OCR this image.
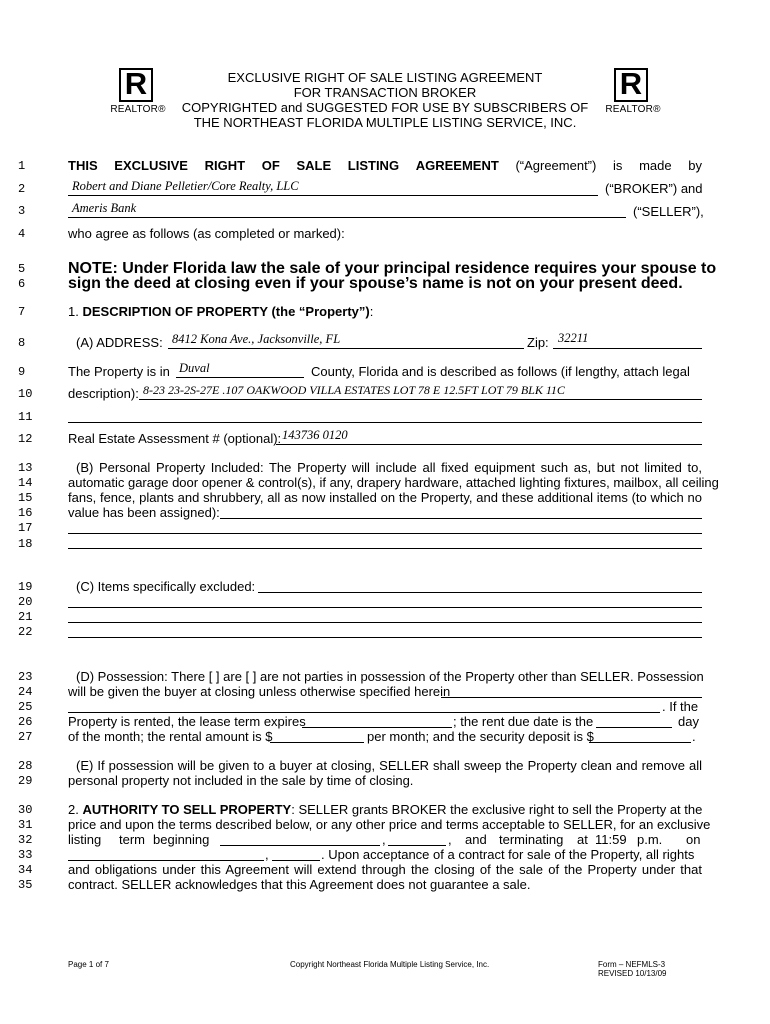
R
REALTOR®
R
REALTOR®
EXCLUSIVE RIGHT OF SALE LISTING AGREEMENT
FOR TRANSACTION BROKER
COPYRIGHTED and SUGGESTED FOR USE BY SUBSCRIBERS OF
THE NORTHEAST FLORIDA MULTIPLE LISTING SERVICE, INC.
1
2
3
4
5
6
7
8
9
10
11
12
13
14
15
16
17
18
19
20
21
22
23
24
25
26
27
28
29
30
31
32
33
34
35
THIS EXCLUSIVE RIGHT OF SALE LISTING AGREEMENT (“Agreement”) is made by
Robert and Diane Pelletier/Core Realty, LLC	(“BROKER”) and
Ameris Bank	(“SELLER”),
who agree as follows (as completed or marked):
NOTE: Under Florida law the sale of your principal residence requires your spouse to
sign the deed at closing even if your spouse’s name is not on your present deed.
1. DESCRIPTION OF PROPERTY (the “Property”):
(A) ADDRESS: 8412 Kona Ave., Jacksonville, FL	Zip: 32211
The Property is in Duval	County, Florida and is described as follows (if lengthy, attach legal
description): 8-23 23-2S-27E .107 OAKWOOD VILLA ESTATES LOT 78 E 12.5FT LOT 79 BLK 11C
Real Estate Assessment # (optional): 143736 0120
(B) Personal Property Included: The Property will include all fixed equipment such as, but not limited to,
automatic garage door opener & control(s), if any, drapery hardware, attached lighting fixtures, mailbox, all ceiling
fans, fence, plants and shrubbery, all as now installed on the Property, and these additional items (to which no
value has been assigned):
(C) Items specifically excluded:
(D) Possession: There [ ] are [ ] are not parties in possession of the Property other than SELLER. Possession
will be given the buyer at closing unless otherwise specified herein
. If the
Property is rented, the lease term expires	; the rent due date is the	day
of the month; the rental amount is $	per month; and the security deposit is $	.
(E) If possession will be given to a buyer at closing, SELLER shall sweep the Property clean and remove all
personal property not included in the sale by time of closing.
2. AUTHORITY TO SELL PROPERTY: SELLER grants BROKER the exclusive right to sell the Property at the
price and upon the terms described below, or any other price and terms acceptable to SELLER, for an exclusive
listing term beginning	,	, and terminating at 11:59 p.m. on
,	. Upon acceptance of a contract for sale of the Property, all rights
and obligations under this Agreement will extend through the closing of the sale of the Property under that
contract. SELLER acknowledges that this Agreement does not guarantee a sale.
Page 1 of 7	Copyright Northeast Florida Multiple Listing Service, Inc.	Form – NEFMLS-3
REVISED 10/13/09
